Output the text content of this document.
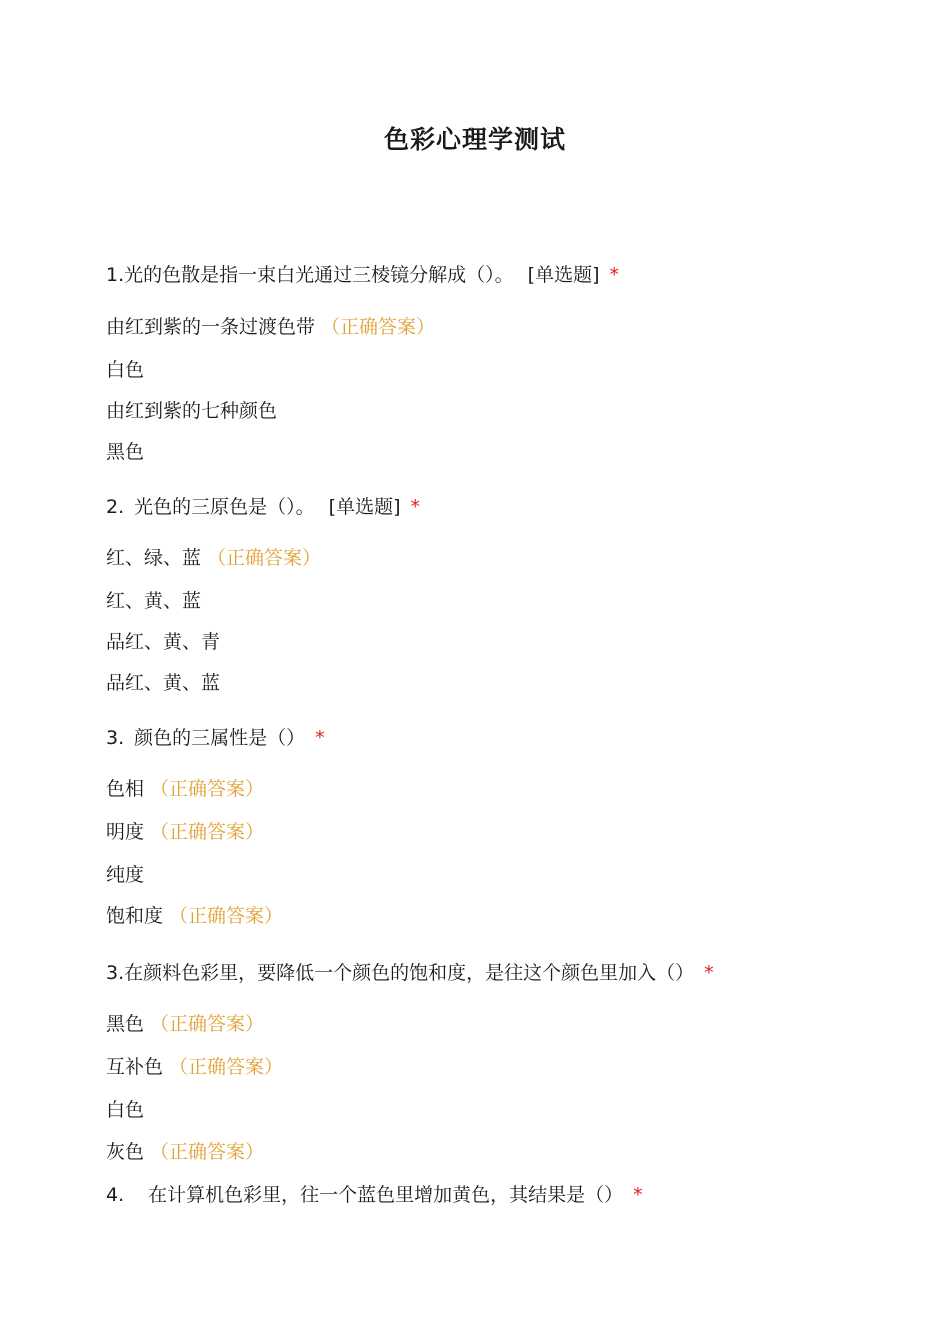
色彩心理学测试
1.光的色散是指一束白光通过三棱镜分解成（）。 [单选题] *
由红到紫的一条过渡色带 （正确答案）
白色
由红到紫的七种颜色
黑色
2. 光色的三原色是（）。 [单选题] *
红、绿、蓝 （正确答案）
红、黄、蓝
品红、黄、青
品红、黄、蓝
3. 颜色的三属性是（） *
色相 （正确答案）
明度 （正确答案）
纯度
饱和度 （正确答案）
3.在颜料色彩里，要降低一个颜色的饱和度，是往这个颜色里加入（） *
黑色 （正确答案）
互补色 （正确答案）
白色
灰色 （正确答案）
4. 在计算机色彩里，往一个蓝色里增加黄色，其结果是（） *
